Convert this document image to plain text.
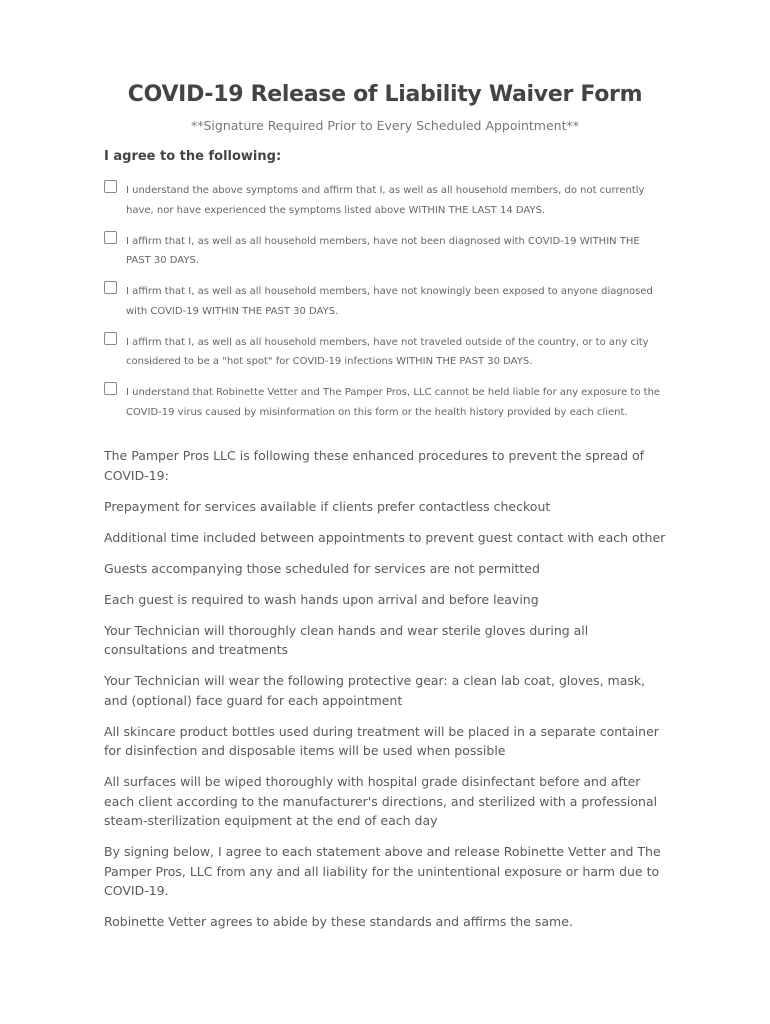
COVID-19 Release of Liability Waiver Form
**Signature Required Prior to Every Scheduled Appointment**
I agree to the following:
I understand the above symptoms and affirm that I, as well as all household members, do not currently have, nor have experienced the symptoms listed above WITHIN THE LAST 14 DAYS.
I affirm that I, as well as all household members, have not been diagnosed with COVID-19 WITHIN THE PAST 30 DAYS.
I affirm that I, as well as all household members, have not knowingly been exposed to anyone diagnosed with COVID-19 WITHIN THE PAST 30 DAYS.
I affirm that I, as well as all household members, have not traveled outside of the country, or to any city considered to be a "hot spot" for COVID-19 infections WITHIN THE PAST 30 DAYS.
I understand that Robinette Vetter and The Pamper Pros, LLC cannot be held liable for any exposure to the COVID-19 virus caused by misinformation on this form or the health history provided by each client.

The Pamper Pros LLC is following these enhanced procedures to prevent the spread of COVID-19:

Prepayment for services available if clients prefer contactless checkout

Additional time included between appointments to prevent guest contact with each other

Guests accompanying those scheduled for services are not permitted

Each guest is required to wash hands upon arrival and before leaving

Your Technician will thoroughly clean hands and wear sterile gloves during all consultations and treatments

Your Technician will wear the following protective gear: a clean lab coat, gloves, mask, and (optional) face guard for each appointment

All skincare product bottles used during treatment will be placed in a separate container for disinfection and disposable items will be used when possible

All surfaces will be wiped thoroughly with hospital grade disinfectant before and after each client according to the manufacturer's directions, and sterilized with a professional steam-sterilization equipment at the end of each day

By signing below, I agree to each statement above and release Robinette Vetter and The Pamper Pros, LLC from any and all liability for the unintentional exposure or harm due to COVID-19.

Robinette Vetter agrees to abide by these standards and affirms the same.
